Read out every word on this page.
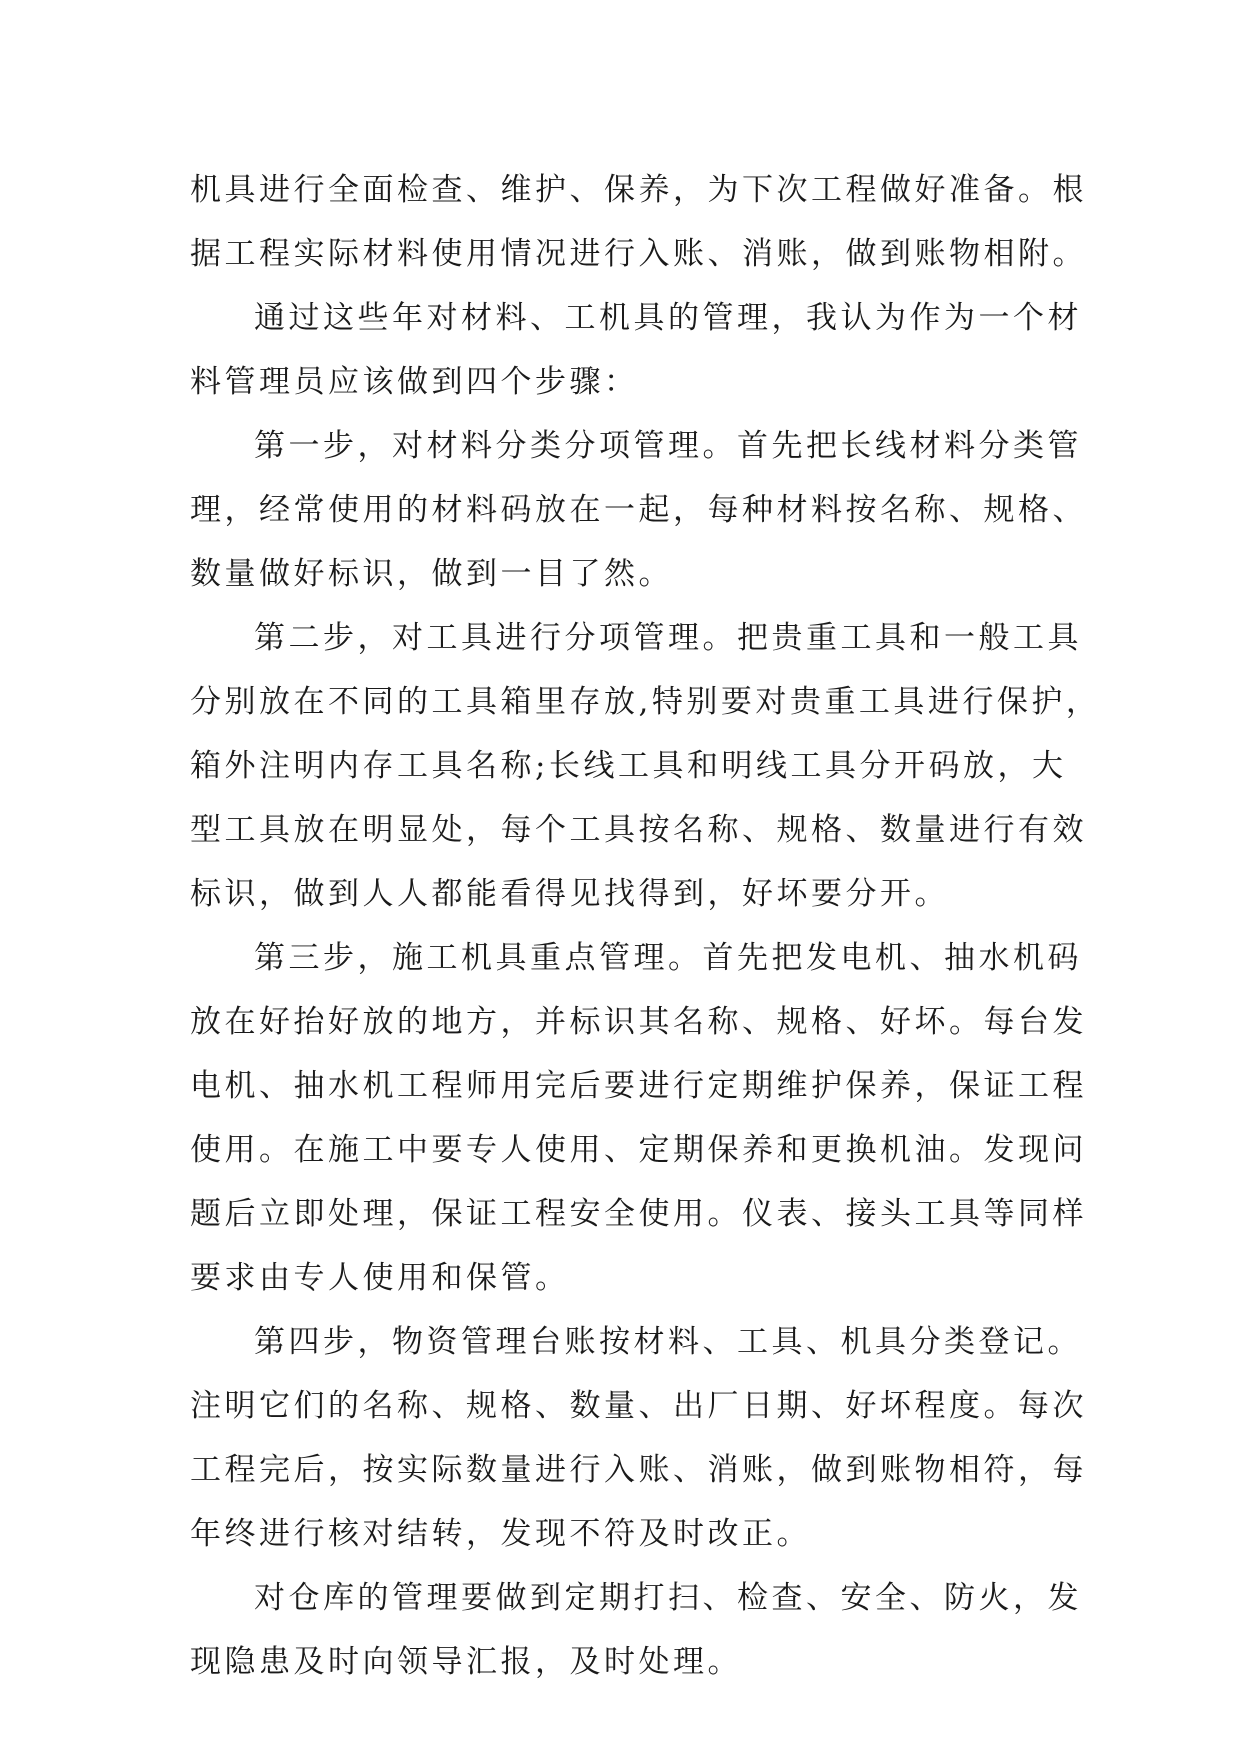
机具进行全面检查、维护、保养，为下次工程做好准备。根
据工程实际材料使用情况进行入账、消账，做到账物相附。
通过这些年对材料、工机具的管理，我认为作为一个材
料管理员应该做到四个步骤：
第一步，对材料分类分项管理。首先把长线材料分类管
理，经常使用的材料码放在一起，每种材料按名称、规格、
数量做好标识，做到一目了然。
第二步，对工具进行分项管理。把贵重工具和一般工具
分别放在不同的工具箱里存放,特别要对贵重工具进行保护，
箱外注明内存工具名称;长线工具和明线工具分开码放，大
型工具放在明显处，每个工具按名称、规格、数量进行有效
标识，做到人人都能看得见找得到，好坏要分开。
第三步，施工机具重点管理。首先把发电机、抽水机码
放在好抬好放的地方，并标识其名称、规格、好坏。每台发
电机、抽水机工程师用完后要进行定期维护保养，保证工程
使用。在施工中要专人使用、定期保养和更换机油。发现问
题后立即处理，保证工程安全使用。仪表、接头工具等同样
要求由专人使用和保管。
第四步，物资管理台账按材料、工具、机具分类登记。
注明它们的名称、规格、数量、出厂日期、好坏程度。每次
工程完后，按实际数量进行入账、消账，做到账物相符，每
年终进行核对结转，发现不符及时改正。
对仓库的管理要做到定期打扫、检查、安全、防火，发
现隐患及时向领导汇报，及时处理。
